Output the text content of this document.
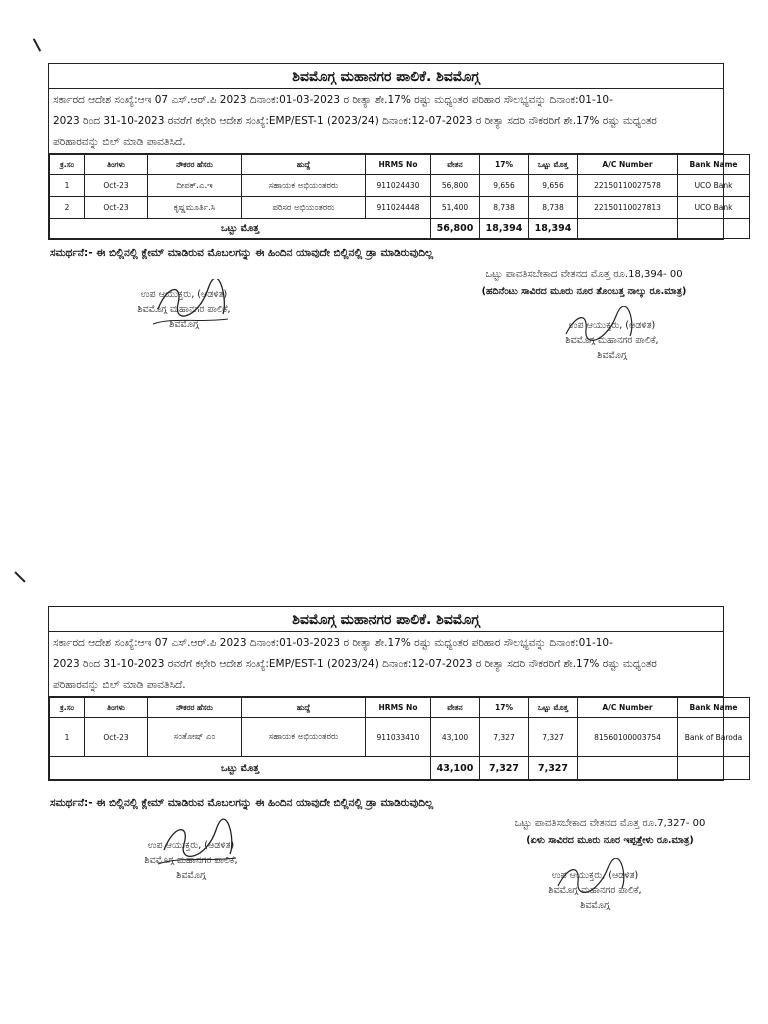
ಶಿವಮೊಗ್ಗ ಮಹಾನಗರ ಪಾಲಿಕೆ. ಶಿವಮೊಗ್ಗ
ಸರ್ಕಾರದ ಆದೇಶ ಸಂಖ್ಯೆ:ಆಇ 07 ಎಸ್.ಆರ್.ಪಿ 2023 ದಿನಾಂಕ:01-03-2023 ರ ರೀತ್ಯಾ ಶೇ.17% ರಷ್ಟು ಮಧ್ಯಂತರ ಪರಿಹಾರ ಸೌಲಭ್ಯವನ್ನು ದಿನಾಂಕ:01-10-
2023 ರಿಂದ 31-10-2023 ರವರೆಗೆ ಕಛೇರಿ ಆದೇಶ ಸಂಖ್ಯೆ:EMP/EST-1 (2023/24) ದಿನಾಂಕ:12-07-2023 ರ ರೀತ್ಯಾ ಸದರಿ ನೌಕರರಿಗೆ ಶೇ.17% ರಷ್ಟು ಮಧ್ಯಂತರ
ಪರಿಹಾರವನ್ನು ಬಿಲ್ ಮಾಡಿ ಪಾವತಿಸಿದೆ.
ಕ್ರ.ಸಂ	ತಿಂಗಳು	ನೌಕರರ ಹೆಸರು	ಹುದ್ದೆ	HRMS No	ವೇತನ	17%	ಒಟ್ಟು ಮೊತ್ತ	A/C Number	Bank Name
1	Oct-23	ದೀಪಕ್.ಎ.ಇ	ಸಹಾಯಕ ಅಭಿಯಂತರರು	911024430	56,800	9,656	9,656	22150110027578	UCO Bank
2	Oct-23	ಕೃಷ್ಣಮೂರ್ತಿ.ಸಿ	ಪರಿಸರ ಅಭಿಯಂತರರು	911024448	51,400	8,738	8,738	22150110027813	UCO Bank
ಒಟ್ಟು ಮೊತ್ತ					56,800	18,394	18,394		
ಸಮರ್ಥನೆ:- ಈ ಬಿಲ್ಲಿನಲ್ಲಿ ಕ್ಲೇಮ್ ಮಾಡಿರುವ ಮೊಬಲಗನ್ನು ಈ ಹಿಂದಿನ ಯಾವುದೇ ಬಿಲ್ಲಿನಲ್ಲಿ ಡ್ರಾ ಮಾಡಿರುವುದಿಲ್ಲ
ಒಟ್ಟು ಪಾವತಿಸಬೇಕಾದ ವೇತನದ ಮೊತ್ತ ರೂ.18,394- 00
(ಹದಿನೆಂಟು ಸಾವಿರದ ಮೂರು ನೂರ ತೊಂಬತ್ತ ನಾಲ್ಕು ರೂ.ಮಾತ್ರ)
ಉಪ ಆಯುಕ್ತರು, (ಆಡಳಿತ)
ಶಿವಮೊಗ್ಗ ಮಹಾನಗರ ಪಾಲಿಕೆ,
ಶಿವಮೊಗ್ಗ	ಉಪ ಆಯುಕ್ತರು, (ಆಡಳಿತ)
ಶಿವಮೊಗ್ಗ ಮಹಾನಗರ ಪಾಲಿಕೆ,
ಶಿವಮೊಗ್ಗ
ಶಿವಮೊಗ್ಗ ಮಹಾನಗರ ಪಾಲಿಕೆ. ಶಿವಮೊಗ್ಗ
ಸರ್ಕಾರದ ಆದೇಶ ಸಂಖ್ಯೆ:ಆಇ 07 ಎಸ್.ಆರ್.ಪಿ 2023 ದಿನಾಂಕ:01-03-2023 ರ ರೀತ್ಯಾ ಶೇ.17% ರಷ್ಟು ಮಧ್ಯಂತರ ಪರಿಹಾರ ಸೌಲಭ್ಯವನ್ನು ದಿನಾಂಕ:01-10-
2023 ರಿಂದ 31-10-2023 ರವರೆಗೆ ಕಛೇರಿ ಆದೇಶ ಸಂಖ್ಯೆ:EMP/EST-1 (2023/24) ದಿನಾಂಕ:12-07-2023 ರ ರೀತ್ಯಾ ಸದರಿ ನೌಕರರಿಗೆ ಶೇ.17% ರಷ್ಟು ಮಧ್ಯಂತರ
ಪರಿಹಾರವನ್ನು ಬಿಲ್ ಮಾಡಿ ಪಾವತಿಸಿದೆ.
ಕ್ರ.ಸಂ	ತಿಂಗಳು	ನೌಕರರ ಹೆಸರು	ಹುದ್ದೆ	HRMS No	ವೇತನ	17%	ಒಟ್ಟು ಮೊತ್ತ	A/C Number	Bank Name
1	Oct-23	ಸಂತೋಷ್ ಎಂ	ಸಹಾಯಕ ಅಭಿಯಂತರರು	911033410	43,100	7,327	7,327	81560100003754	Bank of Baroda
ಒಟ್ಟು ಮೊತ್ತ					43,100	7,327	7,327		
ಸಮರ್ಥನೆ:- ಈ ಬಿಲ್ಲಿನಲ್ಲಿ ಕ್ಲೇಮ್ ಮಾಡಿರುವ ಮೊಬಲಗನ್ನು ಈ ಹಿಂದಿನ ಯಾವುದೇ ಬಿಲ್ಲಿನಲ್ಲಿ ಡ್ರಾ ಮಾಡಿರುವುದಿಲ್ಲ
ಒಟ್ಟು ಪಾವತಿಸಬೇಕಾದ ವೇತನದ ಮೊತ್ತ ರೂ.7,327- 00
(ಏಳು ಸಾವಿರದ ಮೂರು ನೂರ ಇಪ್ಪತ್ತೇಳು ರೂ.ಮಾತ್ರ)
ಉಪ ಆಯುಕ್ತರು, (ಆಡಳಿತ)
ಶಿವಮೊಗ್ಗ ಮಹಾನಗರ ಪಾಲಿಕೆ,
ಶಿವಮೊಗ್ಗ	ಉಪ ಆಯುಕ್ತರು, (ಆಡಳಿತ)
ಶಿವಮೊಗ್ಗ ಮಹಾನಗರ ಪಾಲಿಕೆ,
ಶಿವಮೊಗ್ಗ
